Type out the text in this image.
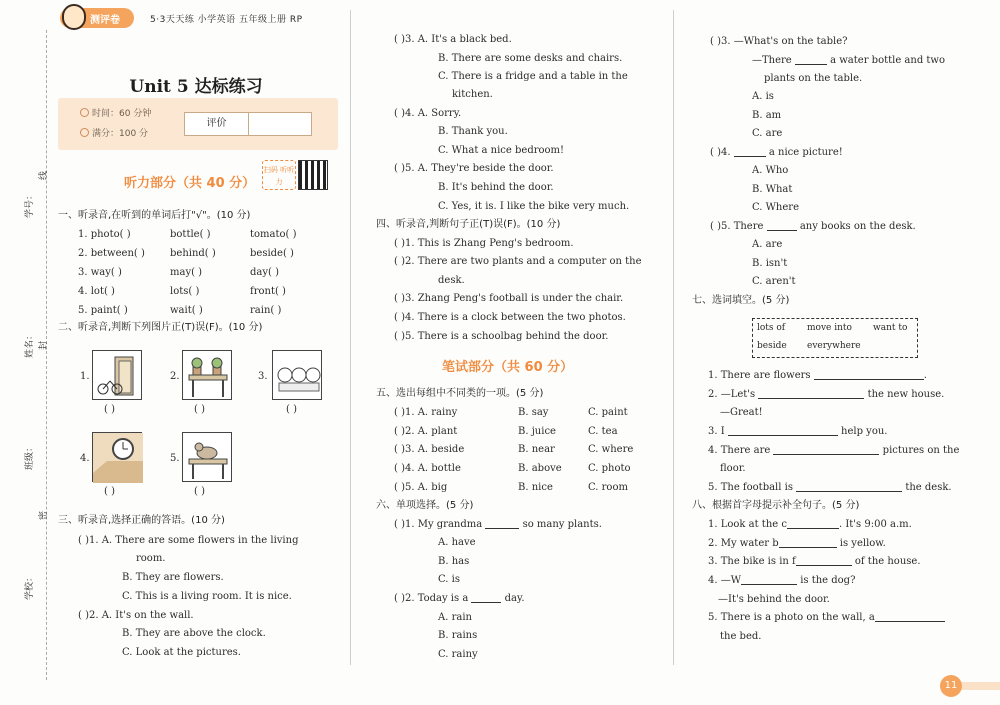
学号：
线
姓名： 封
班级：
密
学校：
测评卷	5·3天天练 小学英语 五年级上册 RP
Unit 5 达标练习
时间：60 分钟
满分：100 分
评价
听力部分（共 40 分）
扫码 听听力
一、听录音,在听到的单词后打"√"。(10 分)
1. photo( )	bottle( )	tomato( )
2. between( )	behind( )	beside( )
3. way( )	may( )	day( )
4. lot( )	lots( )	front( )
5. paint( )	wait( )	rain( )
二、听录音,判断下列图片正(T)误(F)。(10 分)
1.
( )
2.
( )
3.
( )
4.
( )
5.
( )
三、听录音,选择正确的答语。(10 分)
( )1. A. There are some flowers in the living
room.
B. They are flowers.
C. This is a living room. It is nice.
( )2. A. It's on the wall.
B. They are above the clock.
C. Look at the pictures.
( )3. A. It's a black bed.
B. There are some desks and chairs.
C. There is a fridge and a table in the
kitchen.
( )4. A. Sorry.
B. Thank you.
C. What a nice bedroom!
( )5. A. They're beside the door.
B. It's behind the door.
C. Yes, it is. I like the bike very much.
四、听录音,判断句子正(T)误(F)。(10 分)
( )1. This is Zhang Peng's bedroom.
( )2. There are two plants and a computer on the
desk.
( )3. Zhang Peng's football is under the chair.
( )4. There is a clock between the two photos.
( )5. There is a schoolbag behind the door.
笔试部分（共 60 分）
五、选出每组中不同类的一项。(5 分)
( )1. A. rainy	B. say	C. paint
( )2. A. plant	B. juice	C. tea
( )3. A. beside	B. near	C. where
( )4. A. bottle	B. above	C. photo
( )5. A. big	B. nice	C. room
六、单项选择。(5 分)
( )1. My grandma	so many plants.
A. have
B. has
C. is
( )2. Today is a	day.
A. rain
B. rains
C. rainy
( )3. —What's on the table?
—There	a water bottle and two
plants on the table.
A. is
B. am
C. are
( )4.	a nice picture!
A. Who
B. What
C. Where
( )5. There	any books on the desk.
A. are
B. isn't
C. aren't
七、选词填空。(5 分)
lots of move into want to
beside everywhere
1. There are flowers	.
2. —Let's	the new house.
—Great!
3. I	help you.
4. There are	pictures on the
floor.
5. The football is	the desk.
八、根据首字母提示补全句子。(5 分)
1. Look at the c	. It's 9:00 a.m.
2. My water b	is yellow.
3. The bike is in f	of the house.
4. —W	is the dog?
—It's behind the door.
5. There is a photo on the wall, a
the bed.
11
